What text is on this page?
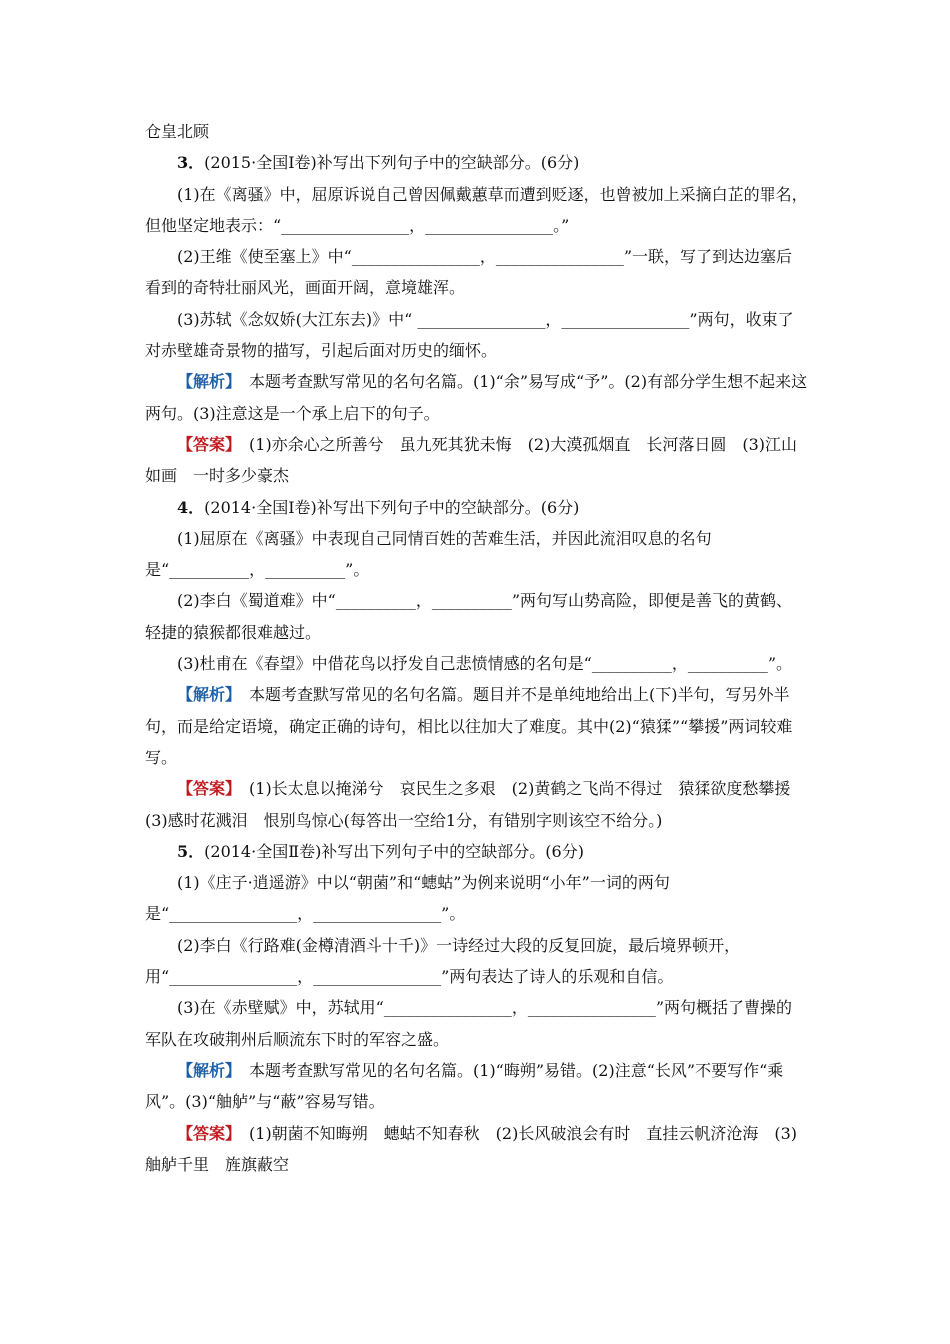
仓皇北顾

3．(2015·全国Ⅰ卷)补写出下列句子中的空缺部分。(6分)

(1)在《离骚》中，屈原诉说自己曾因佩戴蕙草而遭到贬逐，也曾被加上采摘白芷的罪名，但他坚定地表示：“________________，________________。”

(2)王维《使至塞上》中“________________，________________”一联，写了到达边塞后看到的奇特壮丽风光，画面开阔，意境雄浑。

(3)苏轼《念奴娇(大江东去)》中“ ________________，________________”两句，收束了对赤壁雄奇景物的描写，引起后面对历史的缅怀。

【解析】　本题考查默写常见的名句名篇。(1)“余”易写成“予”。(2)有部分学生想不起来这两句。(3)注意这是一个承上启下的句子。

【答案】　(1)亦余心之所善兮　虽九死其犹未悔　(2)大漠孤烟直　长河落日圆　(3)江山如画　一时多少豪杰

4．(2014·全国Ⅰ卷)补写出下列句子中的空缺部分。(6分)

(1)屈原在《离骚》中表现自己同情百姓的苦难生活，并因此流泪叹息的名句是“__________，__________”。

(2)李白《蜀道难》中“__________，__________”两句写山势高险，即便是善飞的黄鹤、轻捷的猿猴都很难越过。

(3)杜甫在《春望》中借花鸟以抒发自己悲愤情感的名句是“__________，__________”。

【解析】　本题考查默写常见的名句名篇。题目并不是单纯地给出上(下)半句，写另外半句，而是给定语境，确定正确的诗句，相比以往加大了难度。其中(2)“猿猱”“攀援”两词较难写。

【答案】　(1)长太息以掩涕兮　哀民生之多艰　(2)黄鹤之飞尚不得过　猿猱欲度愁攀援　(3)感时花溅泪　恨别鸟惊心(每答出一空给1分，有错别字则该空不给分。)

5．(2014·全国Ⅱ卷)补写出下列句子中的空缺部分。(6分)

(1)《庄子·逍遥游》中以“朝菌”和“蟪蛄”为例来说明“小年”一词的两句是“________________，________________”。

(2)李白《行路难(金樽清酒斗十千)》一诗经过大段的反复回旋，最后境界顿开，用“________________，________________”两句表达了诗人的乐观和自信。

(3)在《赤壁赋》中，苏轼用“________________，________________”两句概括了曹操的军队在攻破荆州后顺流东下时的军容之盛。

【解析】　本题考查默写常见的名句名篇。(1)“晦朔”易错。(2)注意“长风”不要写作“乘风”。(3)“舳舻”与“蔽”容易写错。

【答案】　(1)朝菌不知晦朔　蟪蛄不知春秋　(2)长风破浪会有时　直挂云帆济沧海　(3)舳舻千里　旌旗蔽空
